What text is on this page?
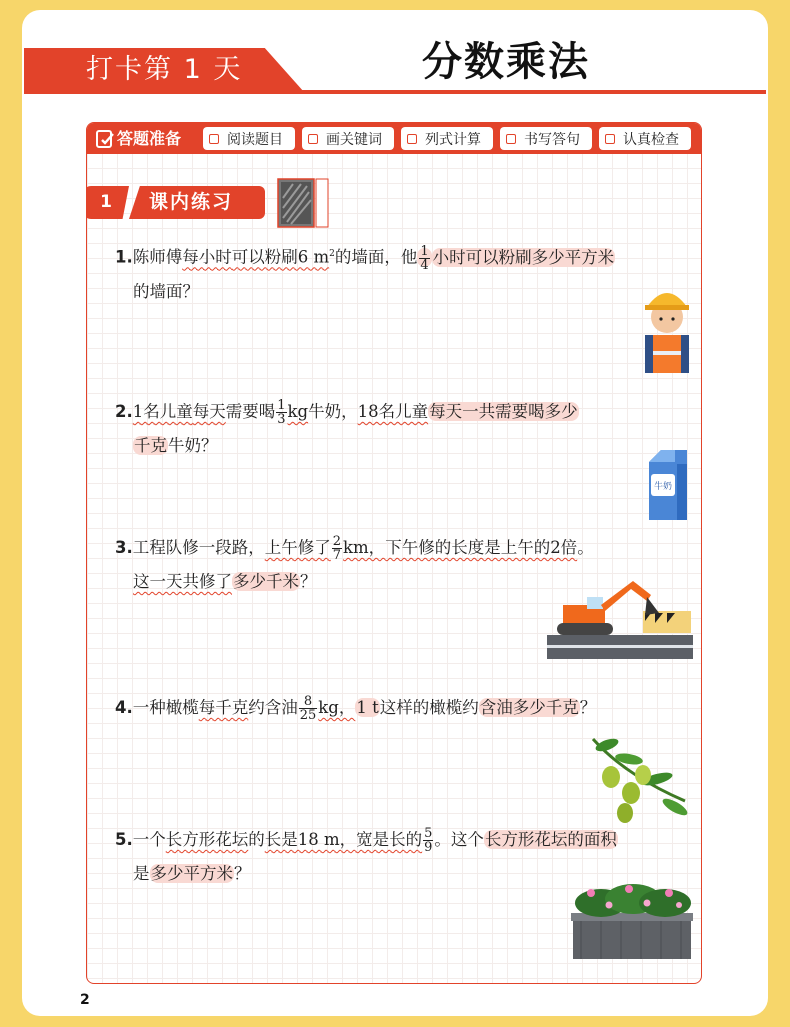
打卡第 1 天	分数乘法
答题准备	阅读题目	画关键词	列式计算	书写答句	认真检查
1	课内练习
1.陈师傅每小时可以粉刷6 $m^2$的墙面，他 $\frac{1}{4}$ 小时可以粉刷多少平方米
的墙面？
2.1名儿童每天需要喝 $\frac{1}{3}$ kg牛奶，18名儿童每天一共需要喝多少
千克牛奶？
牛奶
3.工程队修一段路，上午修了 $\frac{2}{7}$ km，下午修的长度是上午的2倍。
这一天共修了多少千米？
4.一种橄榄每千克约含油 $\frac{8}{25}$ kg，1 t这样的橄榄约含油多少千克？
5.一个长方形花坛的长是18 m，宽是长的 $\frac{5}{9}$ 。这个长方形花坛的面积
是多少平方米？
2
